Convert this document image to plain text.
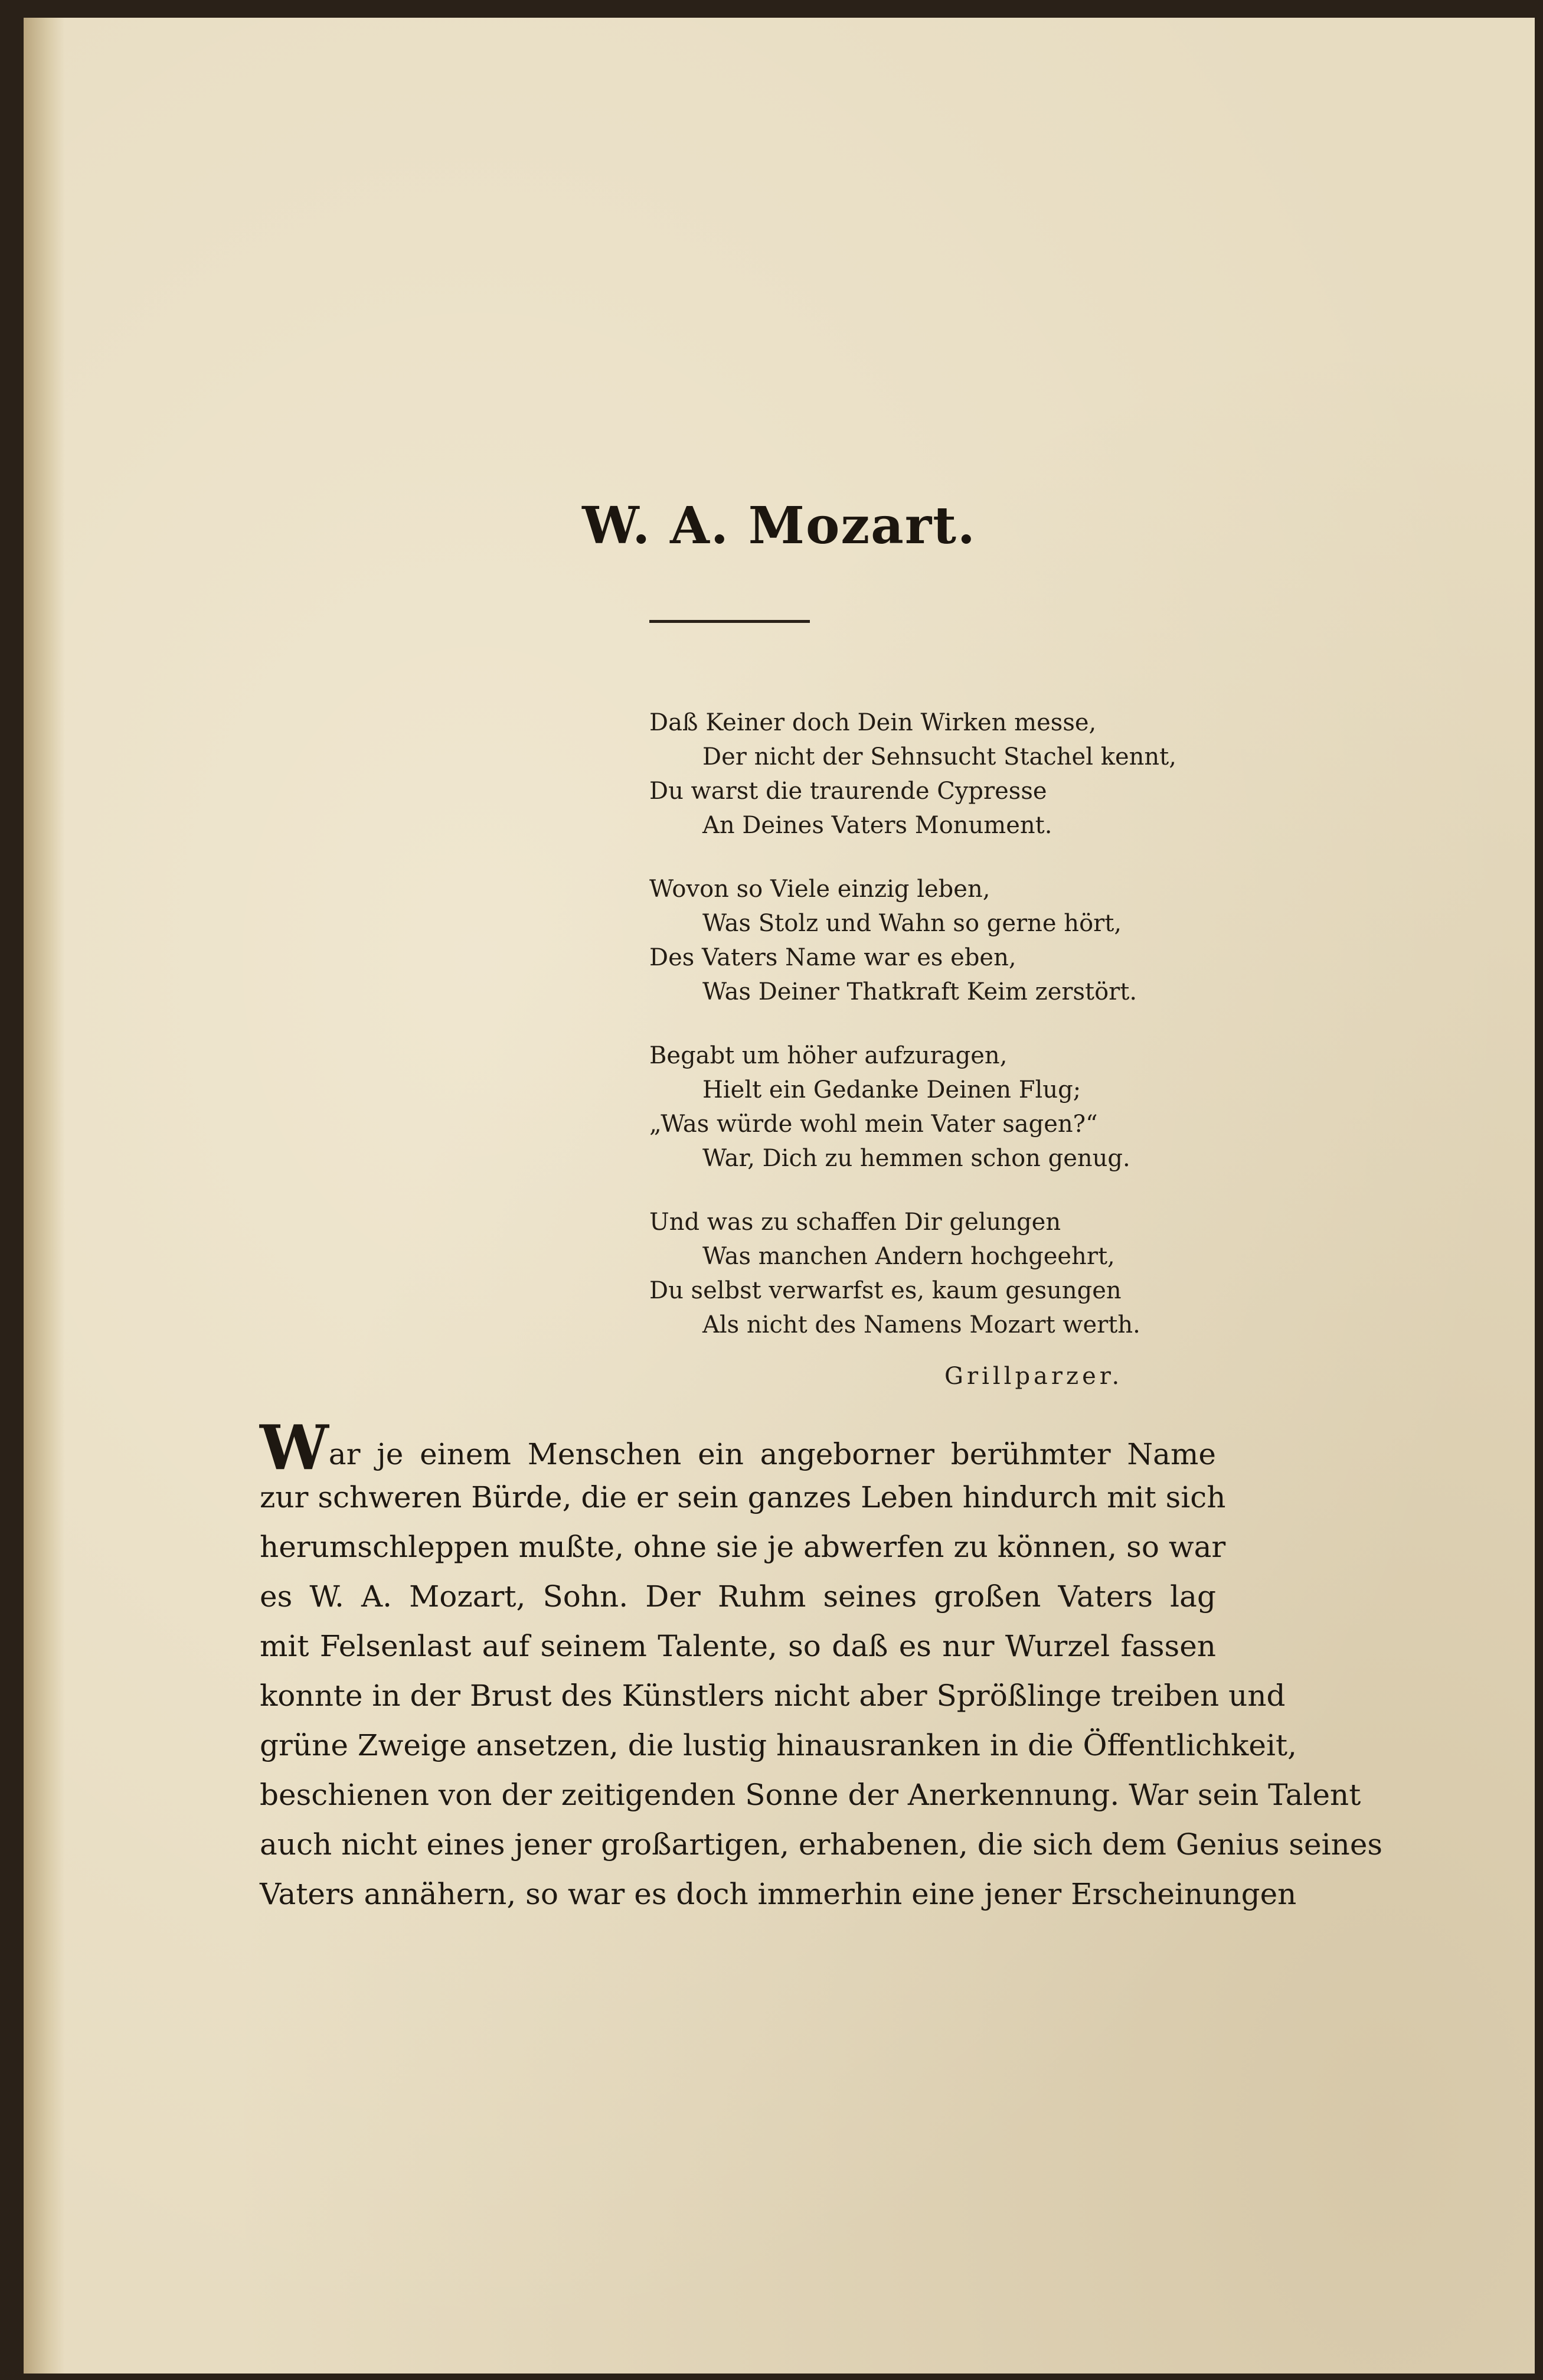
W. A. Mozart.
Daß Keiner doch Dein Wirken messe,
Der nicht der Sehnsucht Stachel kennt,
Du warst die traurende Cypresse
An Deines Vaters Monument.
Wovon so Viele einzig leben,
Was Stolz und Wahn so gerne hört,
Des Vaters Name war es eben,
Was Deiner Thatkraft Keim zerstört.
Begabt um höher aufzuragen,
Hielt ein Gedanke Deinen Flug;
„Was würde wohl mein Vater sagen?“
War, Dich zu hemmen schon genug.
Und was zu schaffen Dir gelungen
Was manchen Andern hochgeehrt,
Du selbst verwarfst es, kaum gesungen
Als nicht des Namens Mozart werth.
Grillparzer.
War je einem Menschen ein angeborner berühmter Name
zur schweren Bürde, die er sein ganzes Leben hindurch mit sich
herumschleppen mußte, ohne sie je abwerfen zu können, so war
es W. A. Mozart, Sohn. Der Ruhm seines großen Vaters lag
mit Felsenlast auf seinem Talente, so daß es nur Wurzel fassen
konnte in der Brust des Künstlers nicht aber Sprößlinge treiben und
grüne Zweige ansetzen, die lustig hinausranken in die Öffentlichkeit,
beschienen von der zeitigenden Sonne der Anerkennung. War sein Talent
auch nicht eines jener großartigen, erhabenen, die sich dem Genius seines
Vaters annähern, so war es doch immerhin eine jener Erscheinungen
